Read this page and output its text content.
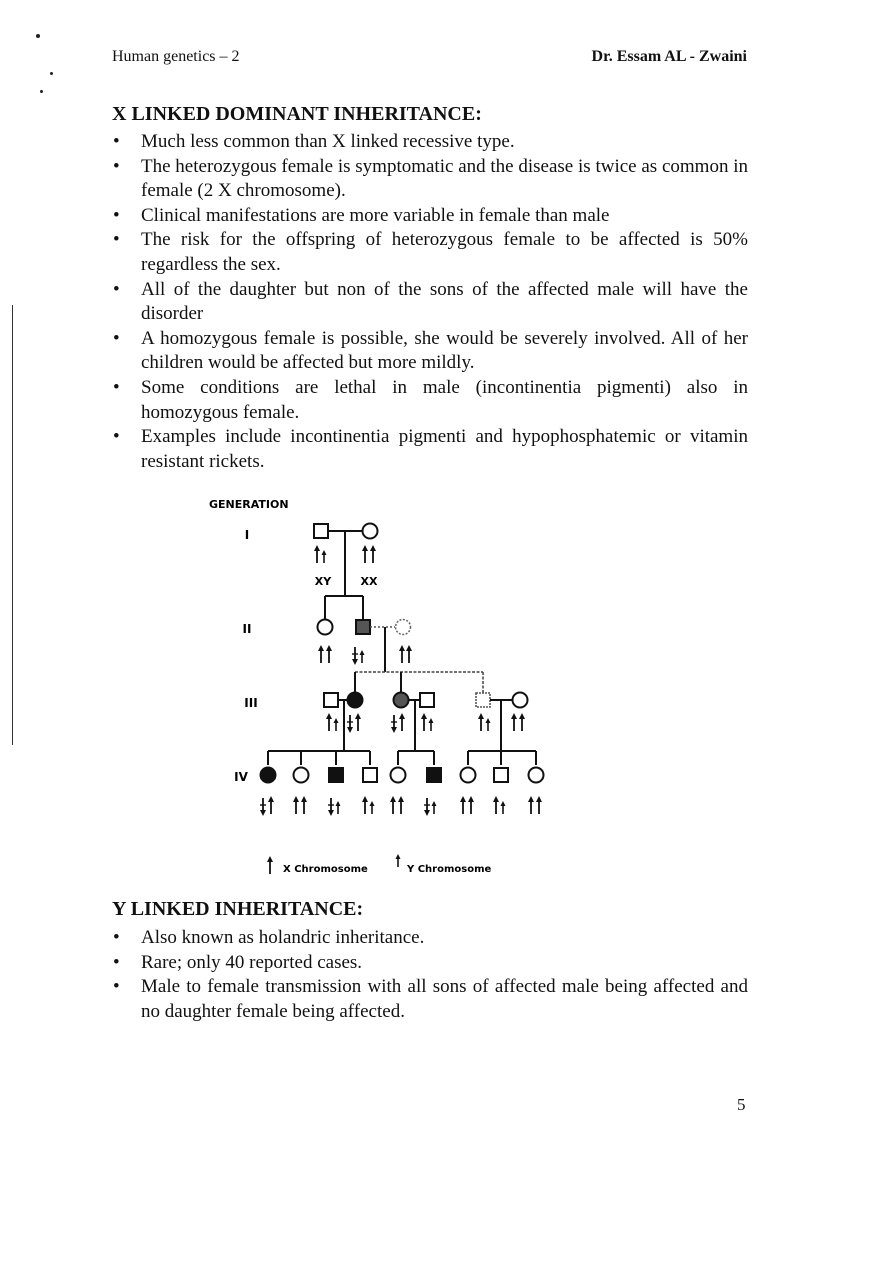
Human genetics – 2	Dr. Essam AL - Zwaini
X LINKED DOMINANT INHERITANCE:
• Much less common than X linked recessive type.
• The heterozygous female is symptomatic and the disease is twice as common in female (2 X chromosome).
• Clinical manifestations are more variable in female than male
• The risk for the offspring of heterozygous female to be affected is 50% regardless the sex.
• All of the daughter but non of the sons of the affected male will have the disorder
• A homozygous female is possible, she would be severely involved. All of her children would be affected but more mildly.
• Some conditions are lethal in male (incontinentia pigmenti) also in homozygous female.
• Examples include incontinentia pigmenti and hypophosphatemic or vitamin resistant rickets.
GENERATION
I
II
III
IV
XY	XX
X Chromosome	Y Chromosome
Y LINKED INHERITANCE:
• Also known as holandric inheritance.
• Rare; only 40 reported cases.
• Male to female transmission with all sons of affected male being affected and no daughter female being affected.
5
